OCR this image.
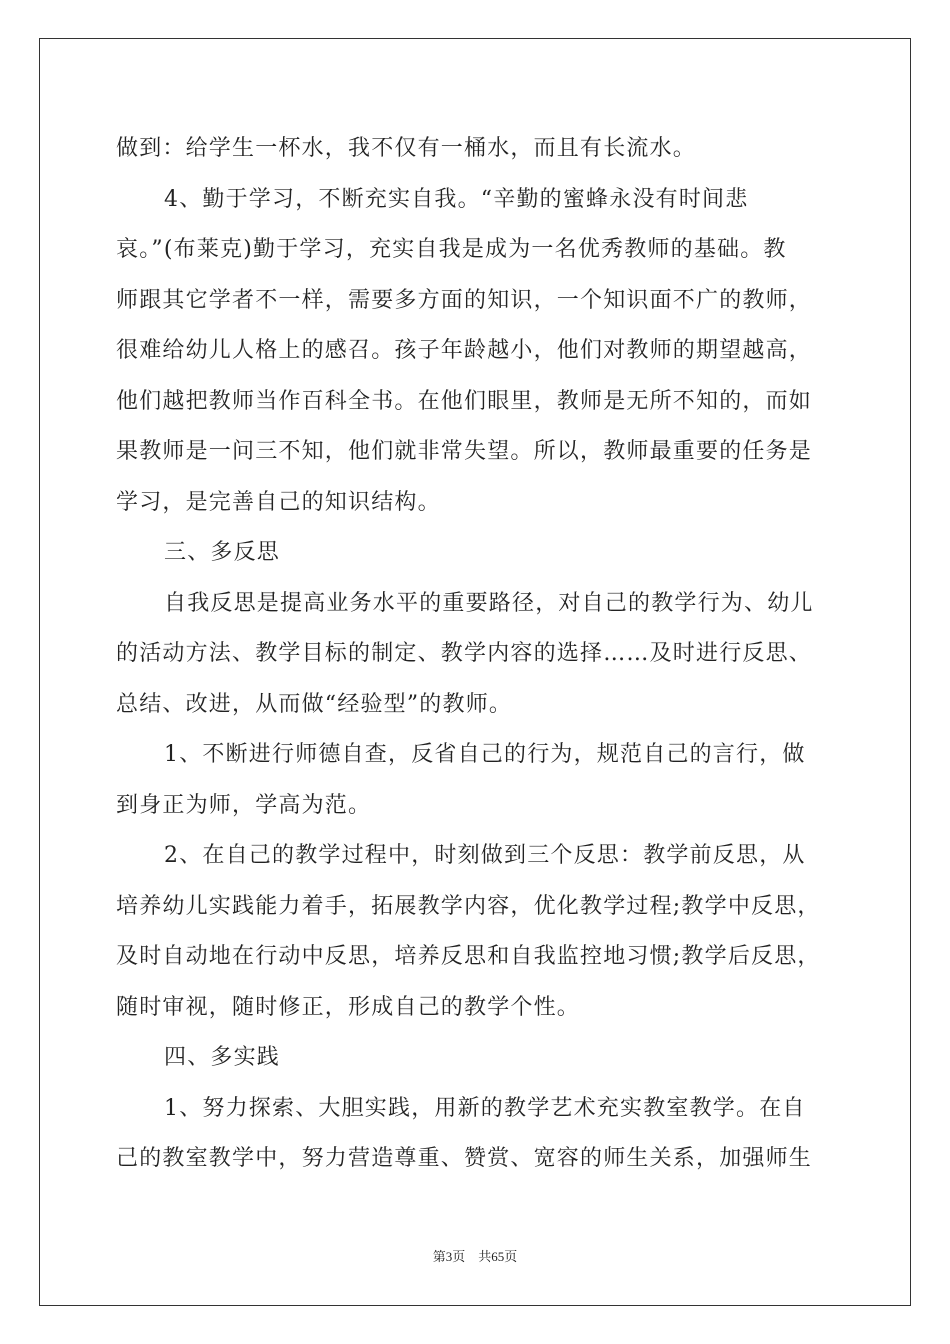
做到：给学生一杯水，我不仅有一桶水，而且有长流水。
4、勤于学习，不断充实自我。“辛勤的蜜蜂永没有时间悲
哀。”(布莱克)勤于学习，充实自我是成为一名优秀教师的基础。教
师跟其它学者不一样，需要多方面的知识，一个知识面不广的教师，
很难给幼儿人格上的感召。孩子年龄越小，他们对教师的期望越高，
他们越把教师当作百科全书。在他们眼里，教师是无所不知的，而如
果教师是一问三不知，他们就非常失望。所以，教师最重要的任务是
学习，是完善自己的知识结构。
三、多反思
自我反思是提高业务水平的重要路径，对自己的教学行为、幼儿
的活动方法、教学目标的制定、教学内容的选择……及时进行反思、
总结、改进，从而做“经验型”的教师。
1、不断进行师德自查，反省自己的行为，规范自己的言行，做
到身正为师，学高为范。
2、在自己的教学过程中，时刻做到三个反思：教学前反思，从
培养幼儿实践能力着手，拓展教学内容，优化教学过程;教学中反思，
及时自动地在行动中反思，培养反思和自我监控地习惯;教学后反思，
随时审视，随时修正，形成自己的教学个性。
四、多实践
1、努力探索、大胆实践，用新的教学艺术充实教室教学。在自
己的教室教学中，努力营造尊重、赞赏、宽容的师生关系，加强师生
第3页　共65页
